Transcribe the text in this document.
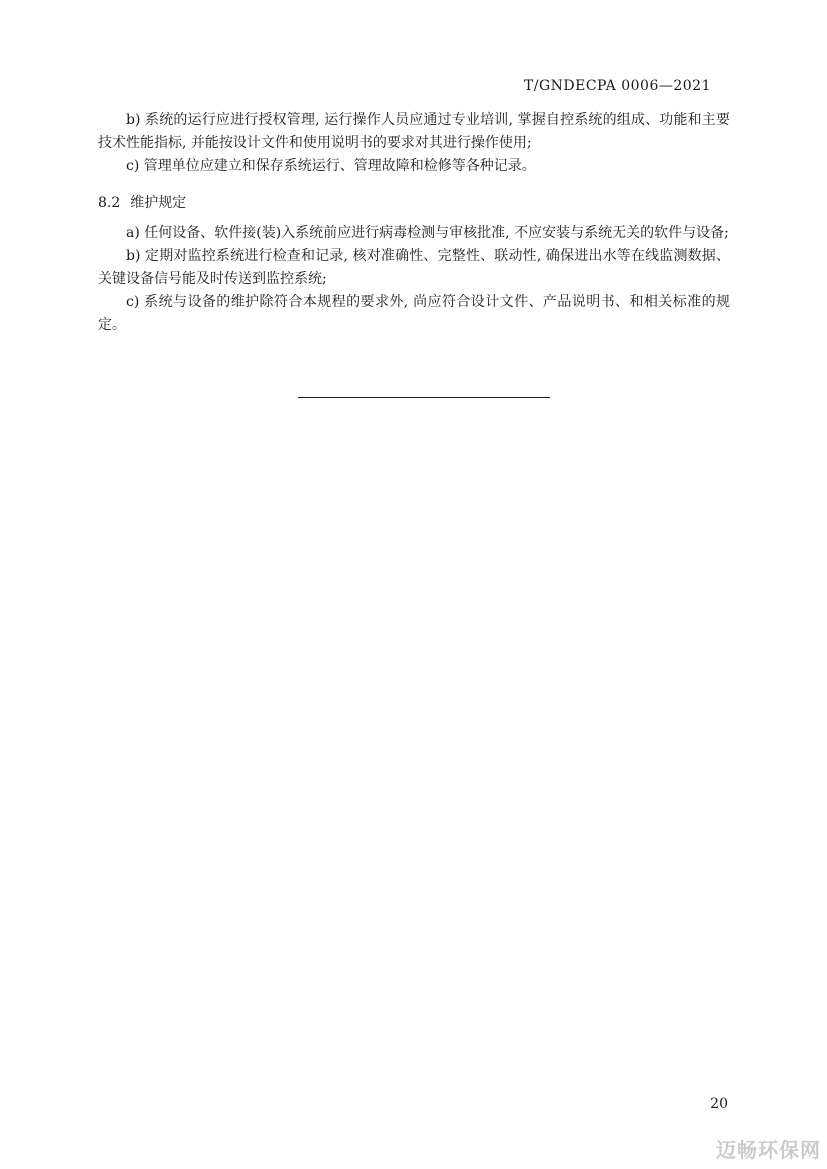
T/GNDECPA 0006—2021

b) 系统的运行应进行授权管理, 运行操作人员应通过专业培训, 掌握自控系统的组成、功能和主要技术性能指标, 并能按设计文件和使用说明书的要求对其进行操作使用;

c) 管理单位应建立和保存系统运行、管理故障和检修等各种记录。

8.2 维护规定

a) 任何设备、软件接(装)入系统前应进行病毒检测与审核批准, 不应安装与系统无关的软件与设备;

b) 定期对监控系统进行检查和记录, 核对准确性、完整性、联动性, 确保进出水等在线监测数据、关键设备信号能及时传送到监控系统;

c) 系统与设备的维护除符合本规程的要求外, 尚应符合设计文件、产品说明书、和相关标准的规定。

20
迈畅环保网
